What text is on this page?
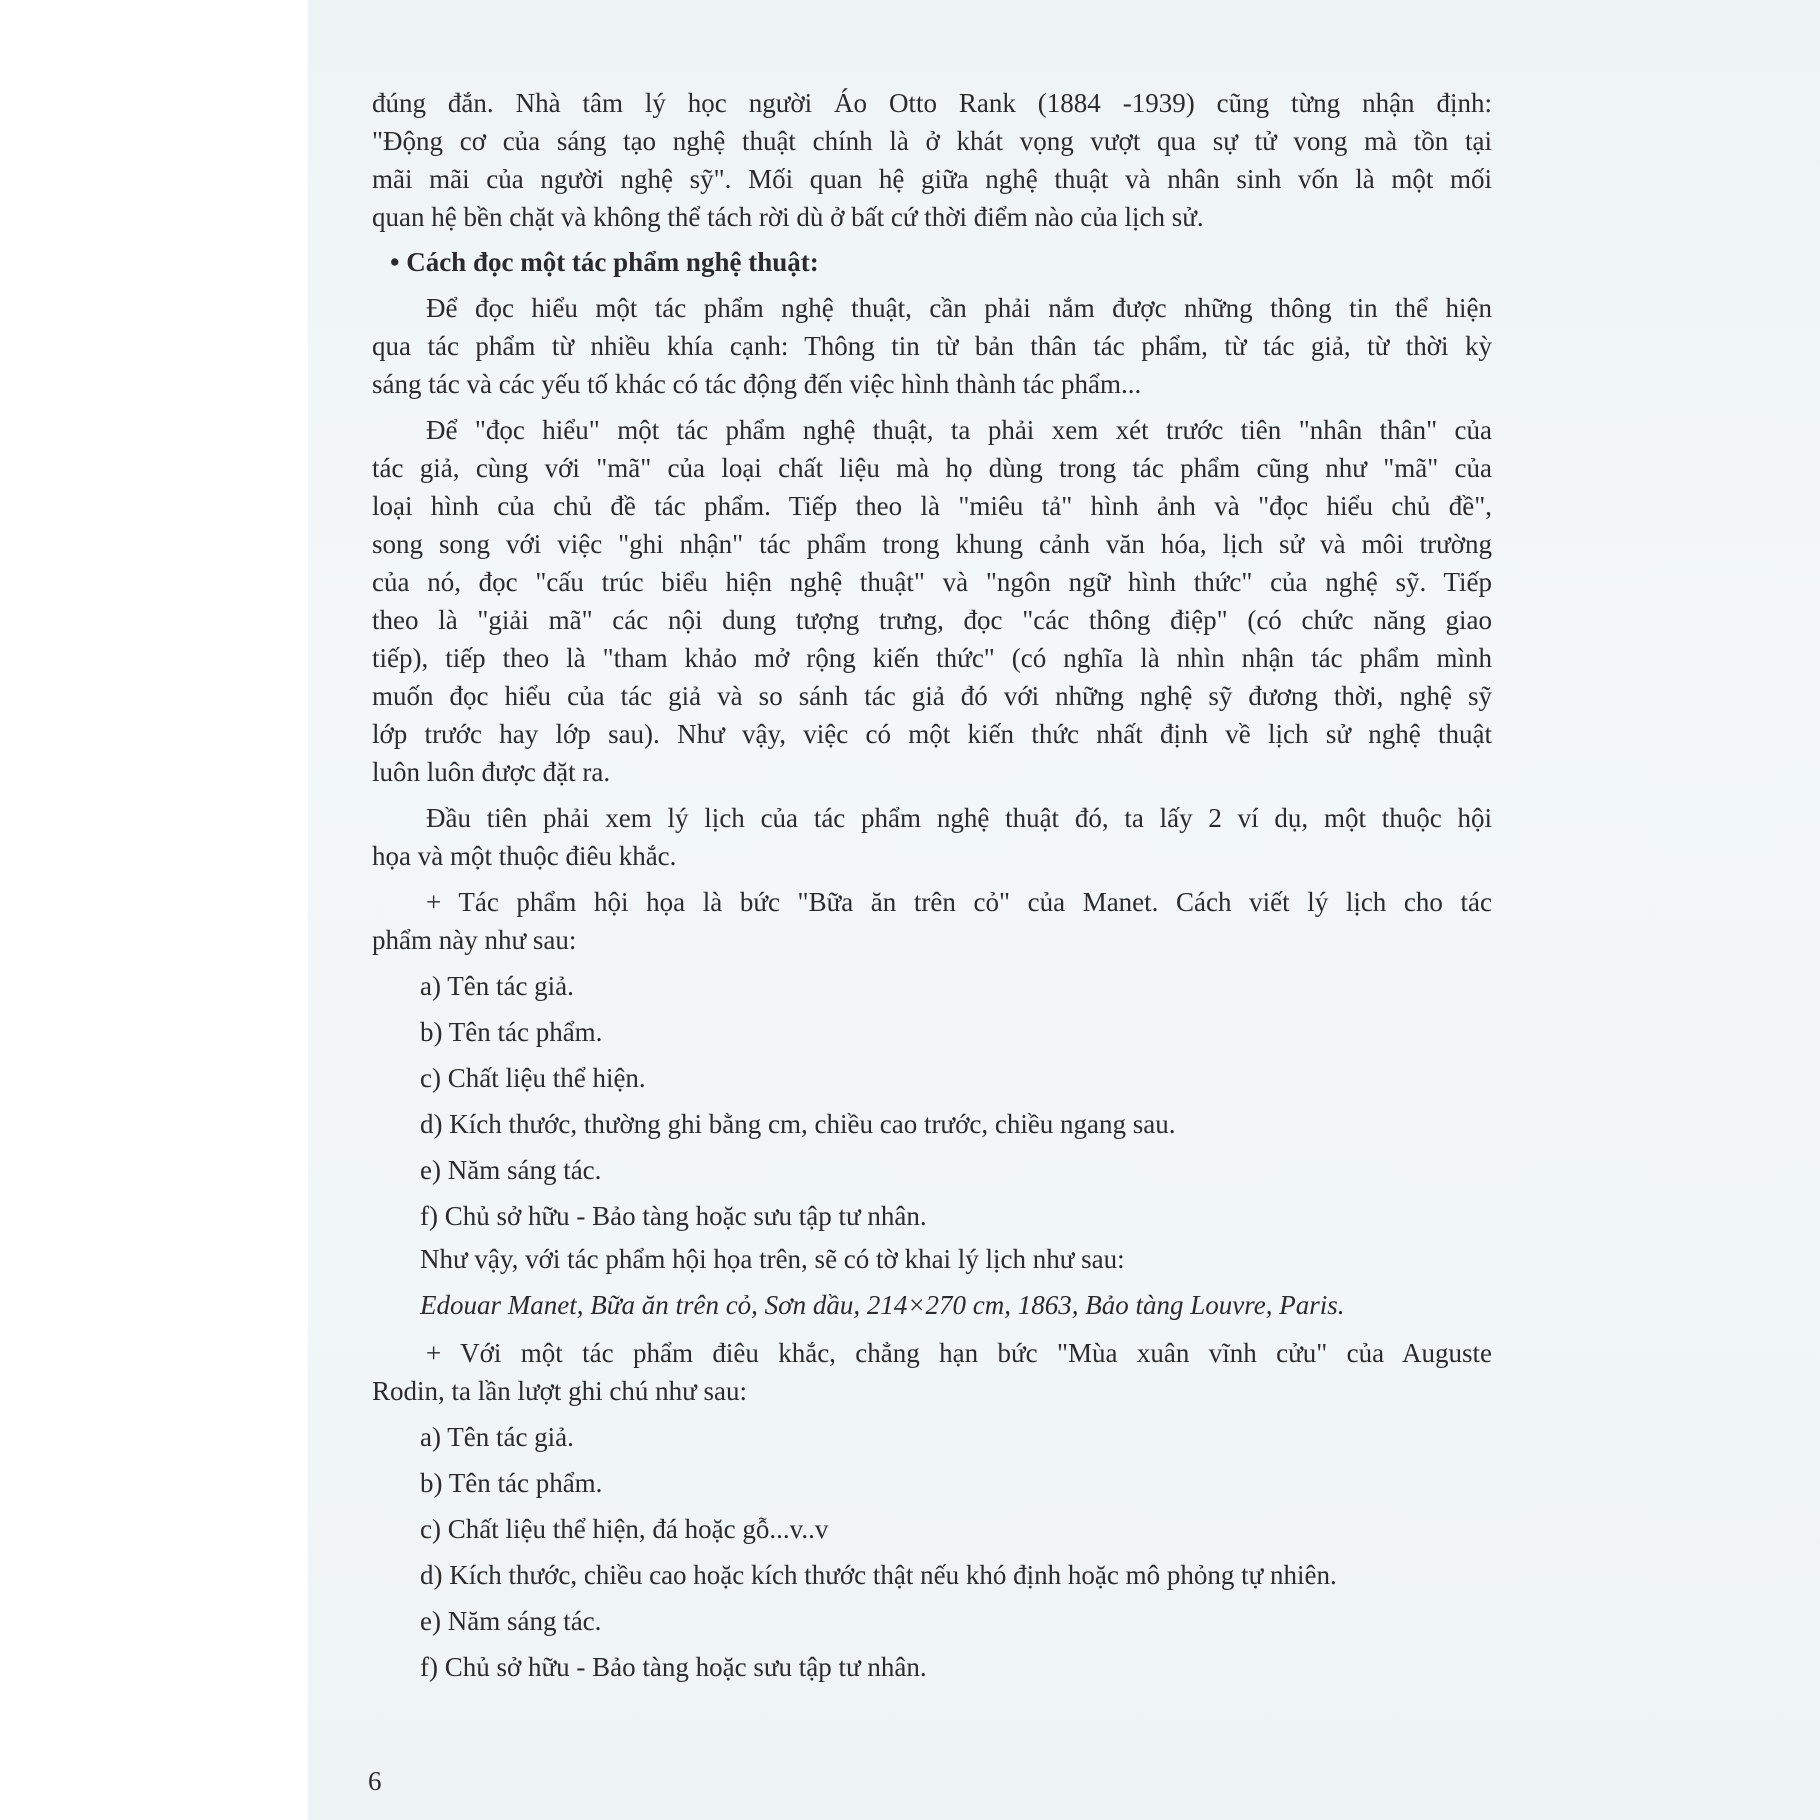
đúng đắn. Nhà tâm lý học người Áo Otto Rank (1884 -1939) cũng từng nhận định:
"Động cơ của sáng tạo nghệ thuật chính là ở khát vọng vượt qua sự tử vong mà tồn tại
mãi mãi của người nghệ sỹ". Mối quan hệ giữa nghệ thuật và nhân sinh vốn là một mối
quan hệ bền chặt và không thể tách rời dù ở bất cứ thời điểm nào của lịch sử.
• Cách đọc một tác phẩm nghệ thuật:
Để đọc hiểu một tác phẩm nghệ thuật, cần phải nắm được những thông tin thể hiện
qua tác phẩm từ nhiều khía cạnh: Thông tin từ bản thân tác phẩm, từ tác giả, từ thời kỳ
sáng tác và các yếu tố khác có tác động đến việc hình thành tác phẩm...
Để "đọc hiểu" một tác phẩm nghệ thuật, ta phải xem xét trước tiên "nhân thân" của
tác giả, cùng với "mã" của loại chất liệu mà họ dùng trong tác phẩm cũng như "mã" của
loại hình của chủ đề tác phẩm. Tiếp theo là "miêu tả" hình ảnh và "đọc hiểu chủ đề",
song song với việc "ghi nhận" tác phẩm trong khung cảnh văn hóa, lịch sử và môi trường
của nó, đọc "cấu trúc biểu hiện nghệ thuật" và "ngôn ngữ hình thức" của nghệ sỹ. Tiếp
theo là "giải mã" các nội dung tượng trưng, đọc "các thông điệp" (có chức năng giao
tiếp), tiếp theo là "tham khảo mở rộng kiến thức" (có nghĩa là nhìn nhận tác phẩm mình
muốn đọc hiểu của tác giả và so sánh tác giả đó với những nghệ sỹ đương thời, nghệ sỹ
lớp trước hay lớp sau). Như vậy, việc có một kiến thức nhất định về lịch sử nghệ thuật
luôn luôn được đặt ra.
Đầu tiên phải xem lý lịch của tác phẩm nghệ thuật đó, ta lấy 2 ví dụ, một thuộc hội
họa và một thuộc điêu khắc.
+ Tác phẩm hội họa là bức "Bữa ăn trên cỏ" của Manet. Cách viết lý lịch cho tác
phẩm này như sau:
a) Tên tác giả.
b) Tên tác phẩm.
c) Chất liệu thể hiện.
d) Kích thước, thường ghi bằng cm, chiều cao trước, chiều ngang sau.
e) Năm sáng tác.
f) Chủ sở hữu - Bảo tàng hoặc sưu tập tư nhân.
Như vậy, với tác phẩm hội họa trên, sẽ có tờ khai lý lịch như sau:
Edouar Manet, Bữa ăn trên cỏ, Sơn dầu, 214×270 cm, 1863, Bảo tàng Louvre, Paris.
+ Với một tác phẩm điêu khắc, chẳng hạn bức "Mùa xuân vĩnh cửu" của Auguste
Rodin, ta lần lượt ghi chú như sau:
a) Tên tác giả.
b) Tên tác phẩm.
c) Chất liệu thể hiện, đá hoặc gỗ...v..v
d) Kích thước, chiều cao hoặc kích thước thật nếu khó định hoặc mô phỏng tự nhiên.
e) Năm sáng tác.
f) Chủ sở hữu - Bảo tàng hoặc sưu tập tư nhân.
6
